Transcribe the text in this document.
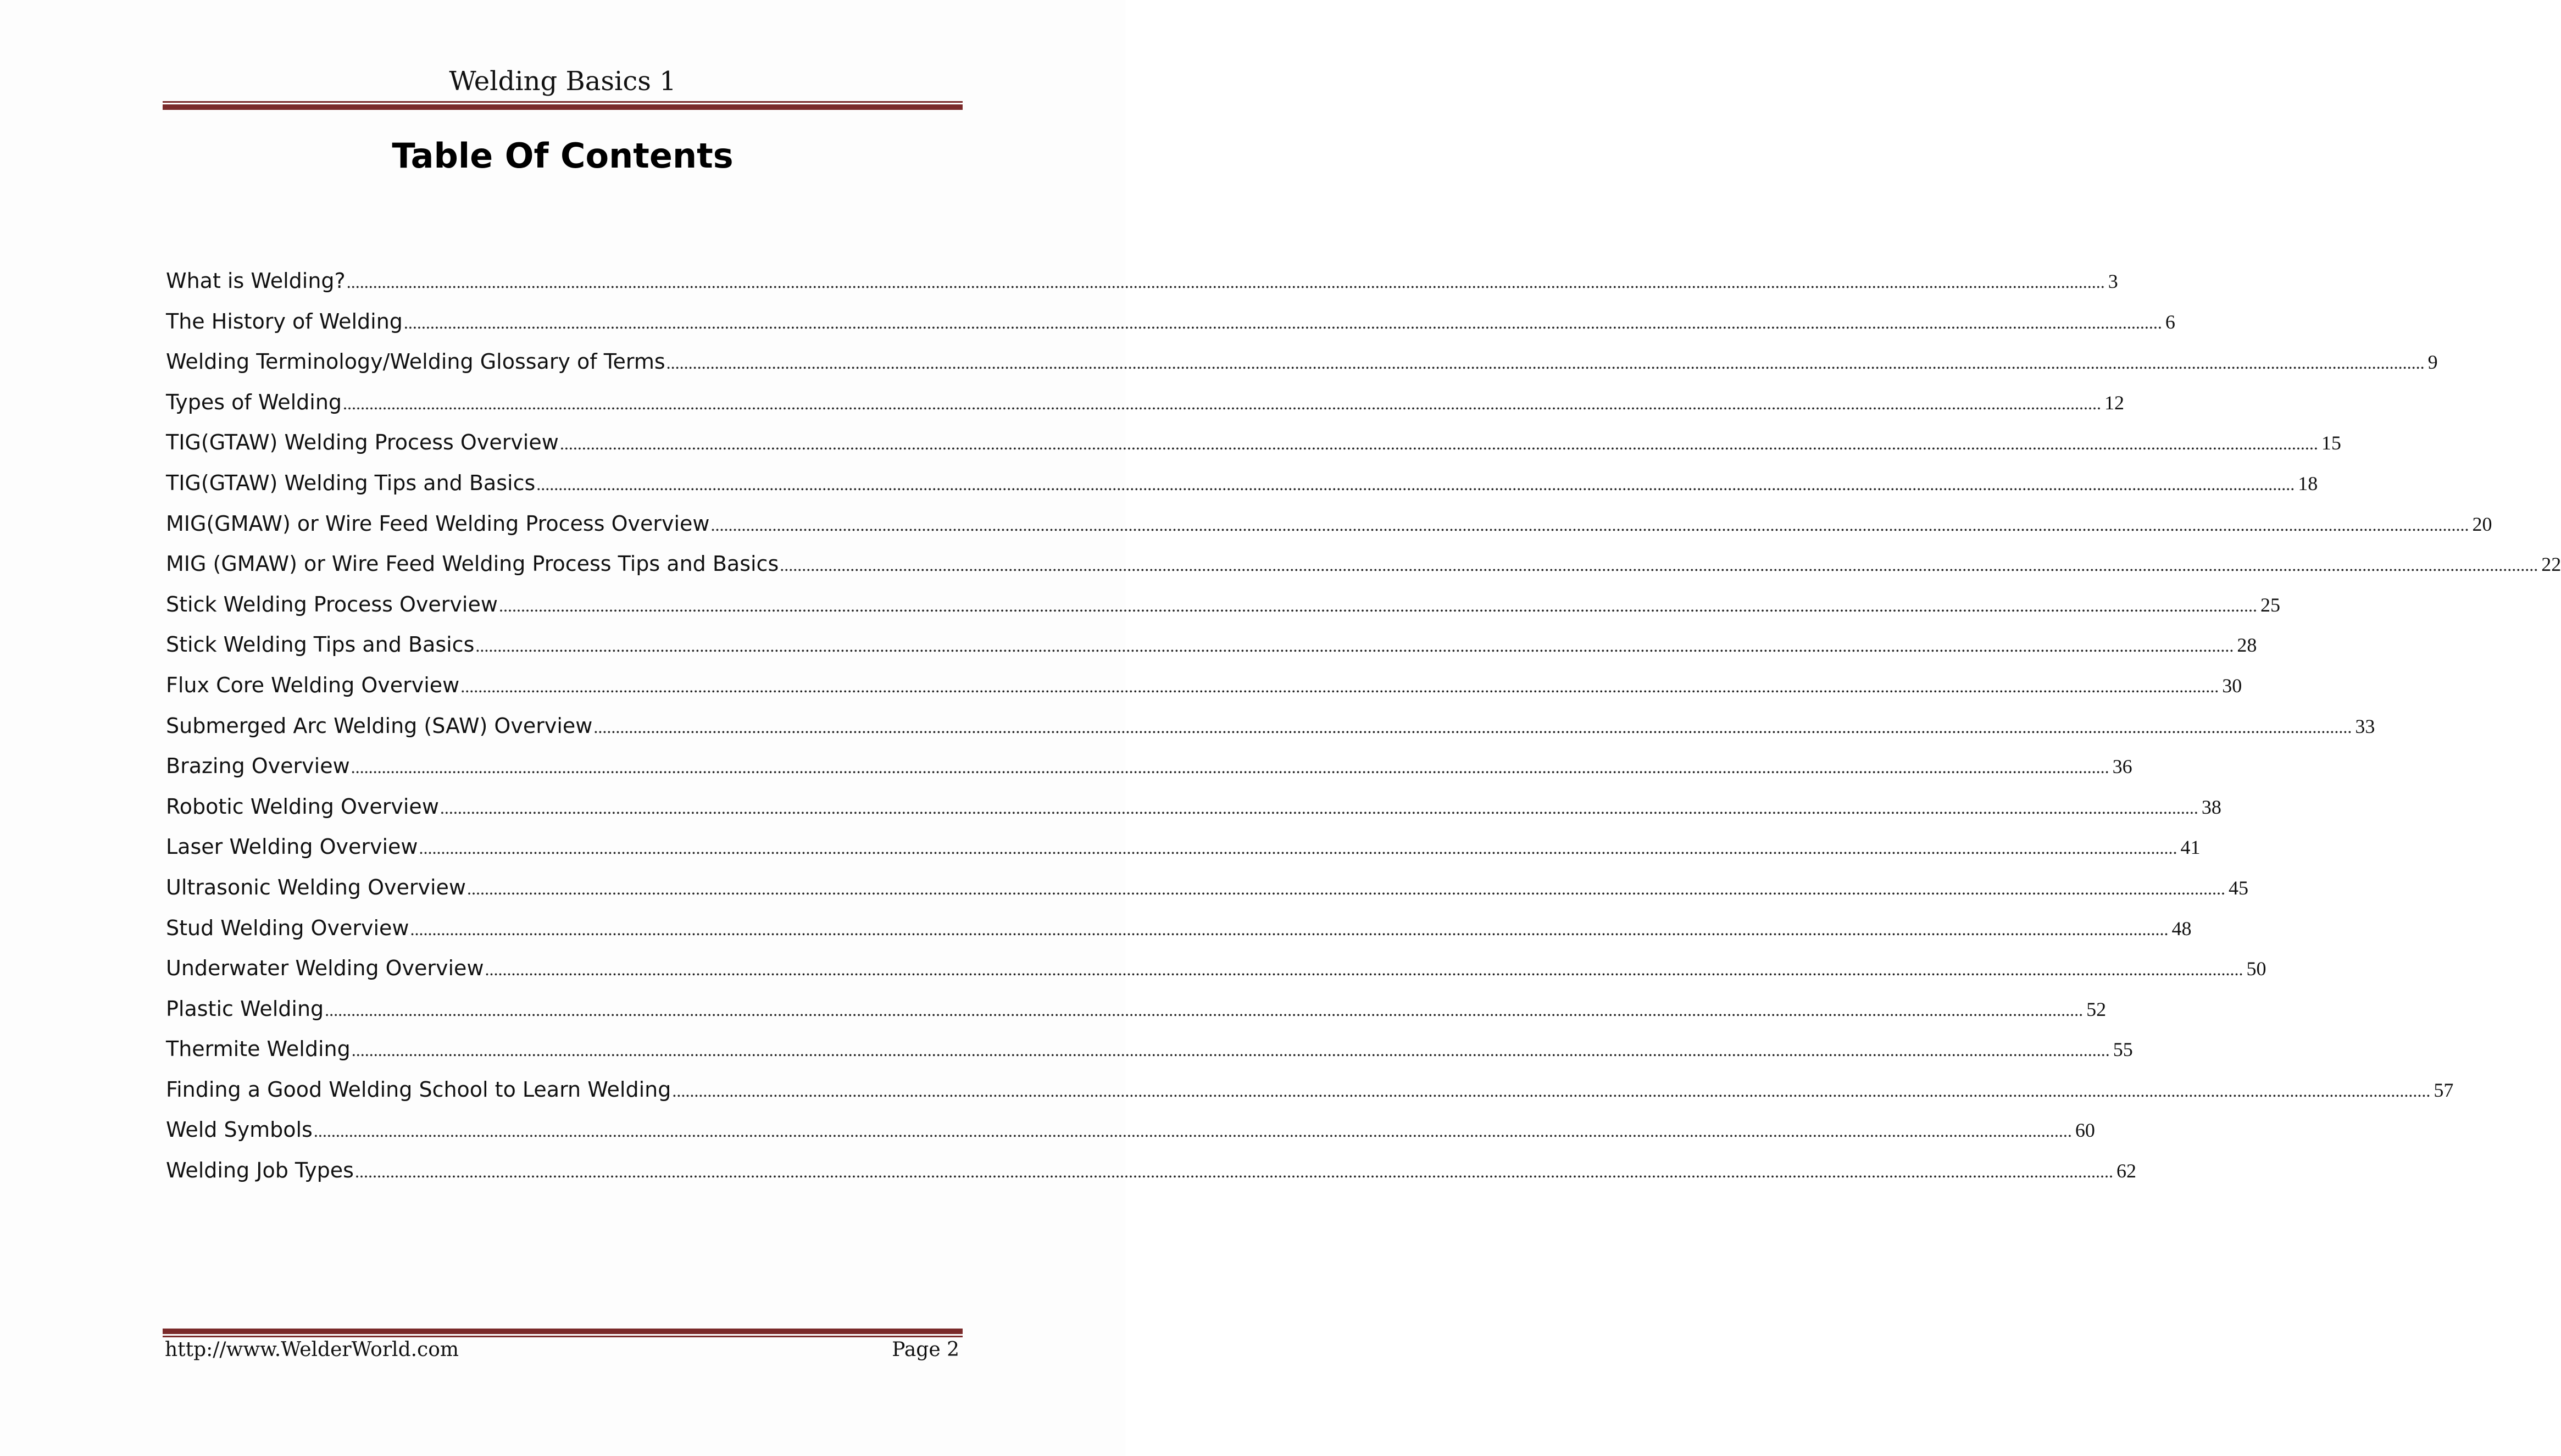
Welding Basics 1
Table Of Contents
What is Welding? ................................................................................................................................................................................................................................................................................................................................................................................................................ 3
The History of Welding ................................................................................................................................................................................................................................................................................................................................................................................................................ 6
Welding Terminology/Welding Glossary of Terms ................................................................................................................................................................................................................................................................................................................................................................................................................ 9
Types of Welding ................................................................................................................................................................................................................................................................................................................................................................................................................ 12
TIG(GTAW) Welding Process Overview ................................................................................................................................................................................................................................................................................................................................................................................................................ 15
TIG(GTAW) Welding Tips and Basics ................................................................................................................................................................................................................................................................................................................................................................................................................ 18
MIG(GMAW) or Wire Feed Welding Process Overview ................................................................................................................................................................................................................................................................................................................................................................................................................ 20
MIG (GMAW) or Wire Feed Welding Process Tips and Basics ................................................................................................................................................................................................................................................................................................................................................................................................................ 22
Stick Welding Process Overview ................................................................................................................................................................................................................................................................................................................................................................................................................ 25
Stick Welding Tips and Basics ................................................................................................................................................................................................................................................................................................................................................................................................................ 28
Flux Core Welding Overview ................................................................................................................................................................................................................................................................................................................................................................................................................ 30
Submerged Arc Welding (SAW) Overview ................................................................................................................................................................................................................................................................................................................................................................................................................ 33
Brazing Overview ................................................................................................................................................................................................................................................................................................................................................................................................................ 36
Robotic Welding Overview ................................................................................................................................................................................................................................................................................................................................................................................................................ 38
Laser Welding Overview ................................................................................................................................................................................................................................................................................................................................................................................................................ 41
Ultrasonic Welding Overview ................................................................................................................................................................................................................................................................................................................................................................................................................ 45
Stud Welding Overview ................................................................................................................................................................................................................................................................................................................................................................................................................ 48
Underwater Welding Overview ................................................................................................................................................................................................................................................................................................................................................................................................................ 50
Plastic Welding ................................................................................................................................................................................................................................................................................................................................................................................................................ 52
Thermite Welding ................................................................................................................................................................................................................................................................................................................................................................................................................ 55
Finding a Good Welding School to Learn Welding ................................................................................................................................................................................................................................................................................................................................................................................................................ 57
Weld Symbols ................................................................................................................................................................................................................................................................................................................................................................................................................ 60
Welding Job Types ................................................................................................................................................................................................................................................................................................................................................................................................................ 62
http://www.WelderWorld.com	Page 2
